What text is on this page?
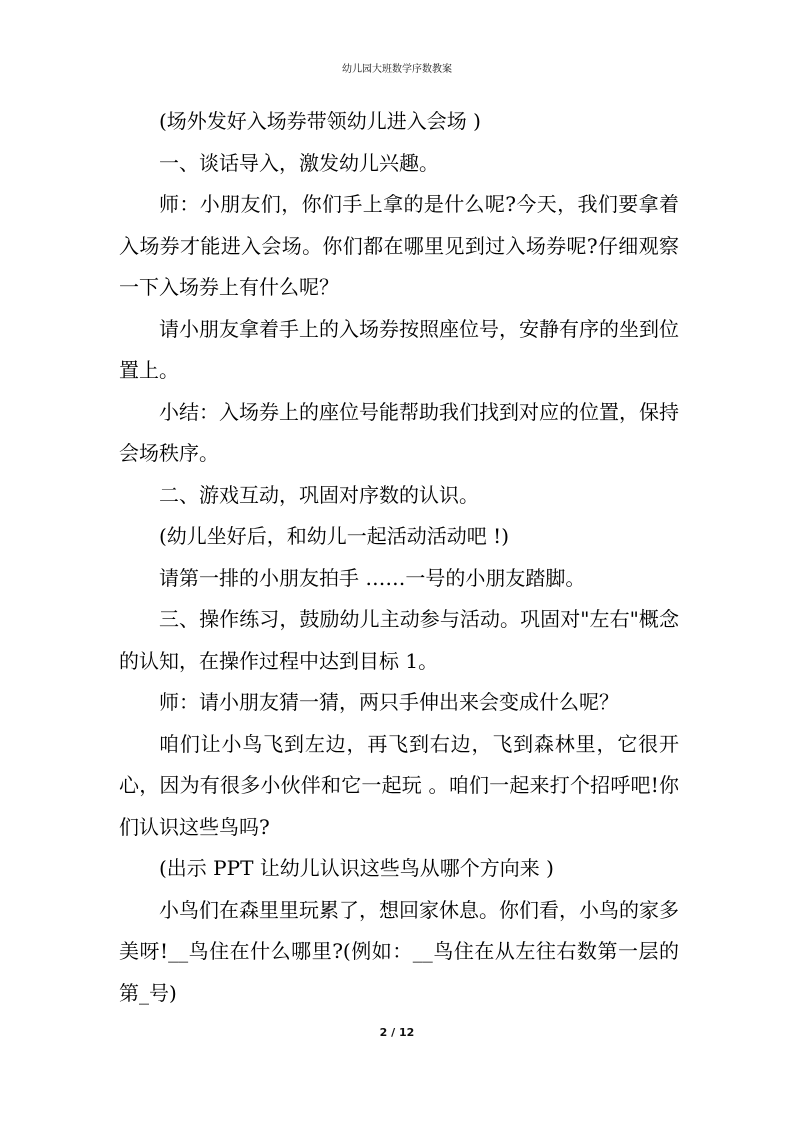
幼儿园大班数学序数教案

(场外发好入场券带领幼儿进入会场 )

一、谈话导入，激发幼儿兴趣。

师：小朋友们，你们手上拿的是什么呢?今天，我们要拿着入场券才能进入会场。你们都在哪里见到过入场券呢?仔细观察一下入场券上有什么呢？

请小朋友拿着手上的入场券按照座位号，安静有序的坐到位置上。

小结：入场券上的座位号能帮助我们找到对应的位置，保持会场秩序。

二、游戏互动，巩固对序数的认识。

(幼儿坐好后，和幼儿一起活动活动吧 !)

请第一排的小朋友拍手 ……一号的小朋友踏脚。

三、操作练习，鼓励幼儿主动参与活动。巩固对"左右"概念的认知，在操作过程中达到目标 1。

师：请小朋友猜一猜，两只手伸出来会变成什么呢？

咱们让小鸟飞到左边，再飞到右边，飞到森林里，它很开心，因为有很多小伙伴和它一起玩 。咱们一起来打个招呼吧!你们认识这些鸟吗?

(出示 PPT 让幼儿认识这些鸟从哪个方向来 )

小鸟们在森里里玩累了，想回家休息。你们看，小鸟的家多美呀!__鸟住在什么哪里?(例如：__鸟住在从左往右数第一层的第_号)

2 / 12
